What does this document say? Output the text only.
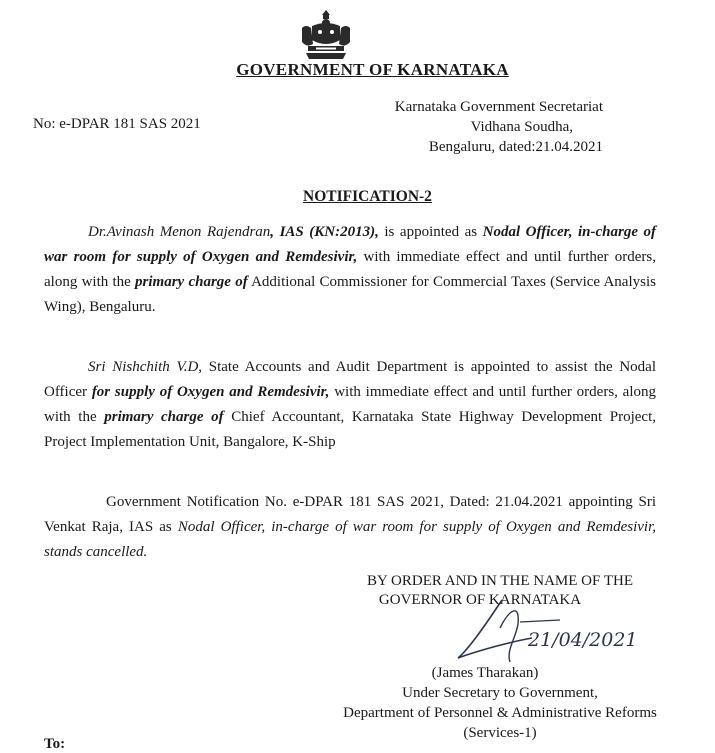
GOVERNMENT OF KARNATAKA
No: e-DPAR 181 SAS 2021
Karnataka Government Secretariat
Vidhana Soudha,
Bengaluru, dated:21.04.2021
NOTIFICATION-2
Dr.Avinash Menon Rajendran, IAS (KN:2013), is appointed as Nodal Officer, in-charge of war room for supply of Oxygen and Remdesivir, with immediate effect and until further orders, along with the primary charge of Additional Commissioner for Commercial Taxes (Service Analysis Wing), Bengaluru.
Sri Nishchith V.D, State Accounts and Audit Department is appointed to assist the Nodal Officer for supply of Oxygen and Remdesivir, with immediate effect and until further orders, along with the primary charge of Chief Accountant, Karnataka State Highway Development Project, Project Implementation Unit, Bangalore, K-Ship
Government Notification No. e-DPAR 181 SAS 2021, Dated: 21.04.2021 appointing Sri Venkat Raja, IAS as Nodal Officer, in-charge of war room for supply of Oxygen and Remdesivir, stands cancelled.
BY ORDER AND IN THE NAME OF THE
GOVERNOR OF KARNATAKA
21/04/2021
(James Tharakan)
Under Secretary to Government,
Department of Personnel & Administrative Reforms
(Services-1)
To:
